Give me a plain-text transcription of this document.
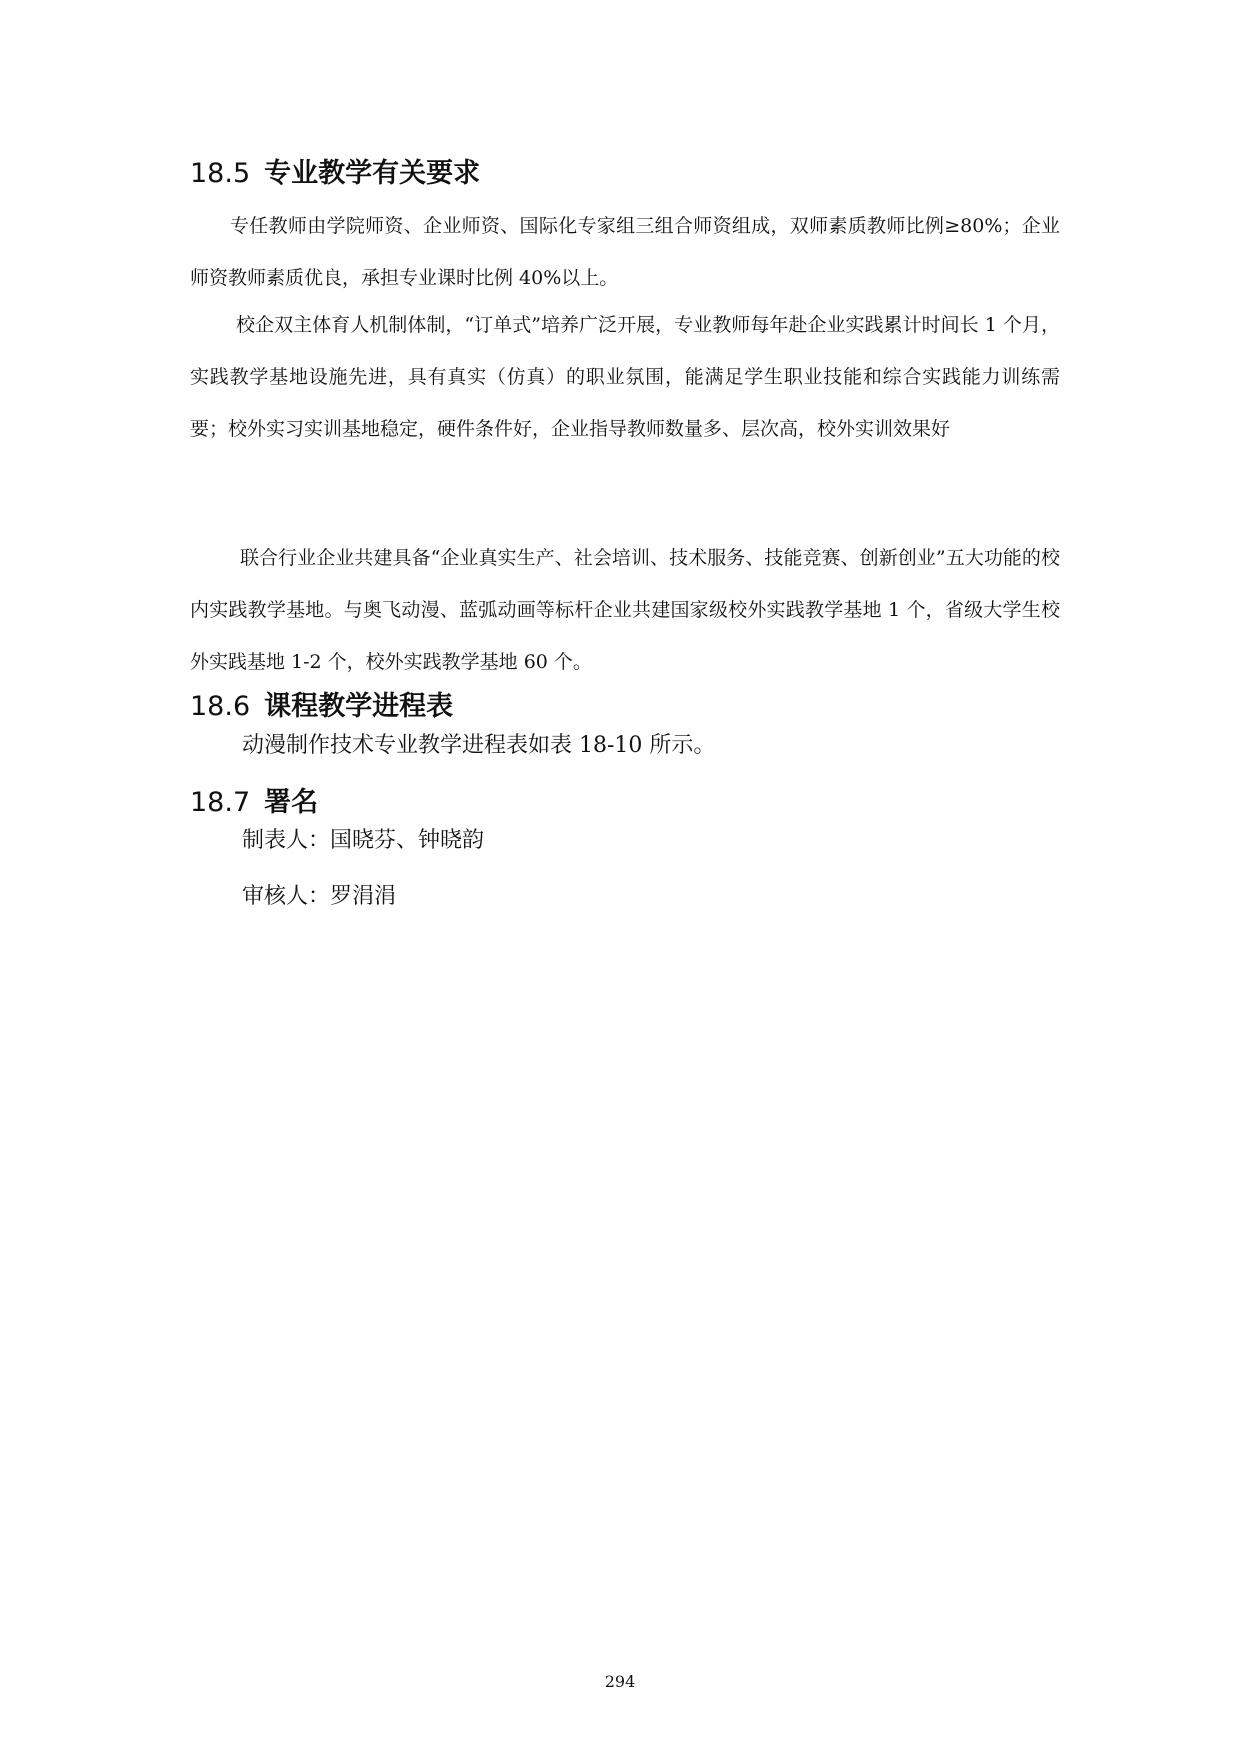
18.5 专业教学有关要求

专任教师由学院师资、企业师资、国际化专家组三组合师资组成，双师素质教师比例≥80%；企业师资教师素质优良，承担专业课时比例 40%以上。

校企双主体育人机制体制，“订单式”培养广泛开展，专业教师每年赴企业实践累计时间长 1 个月，实践教学基地设施先进，具有真实（仿真）的职业氛围，能满足学生职业技能和综合实践能力训练需要；校外实习实训基地稳定，硬件条件好，企业指导教师数量多、层次高，校外实训效果好

联合行业企业共建具备“企业真实生产、社会培训、技术服务、技能竞赛、创新创业”五大功能的校内实践教学基地。与奥飞动漫、蓝弧动画等标杆企业共建国家级校外实践教学基地 1 个，省级大学生校外实践基地 1-2 个，校外实践教学基地 60 个。

18.6 课程教学进程表
动漫制作技术专业教学进程表如表 18-10 所示。
18.7 署名
制表人：国晓芬、钟晓韵
审核人：罗涓涓
294
